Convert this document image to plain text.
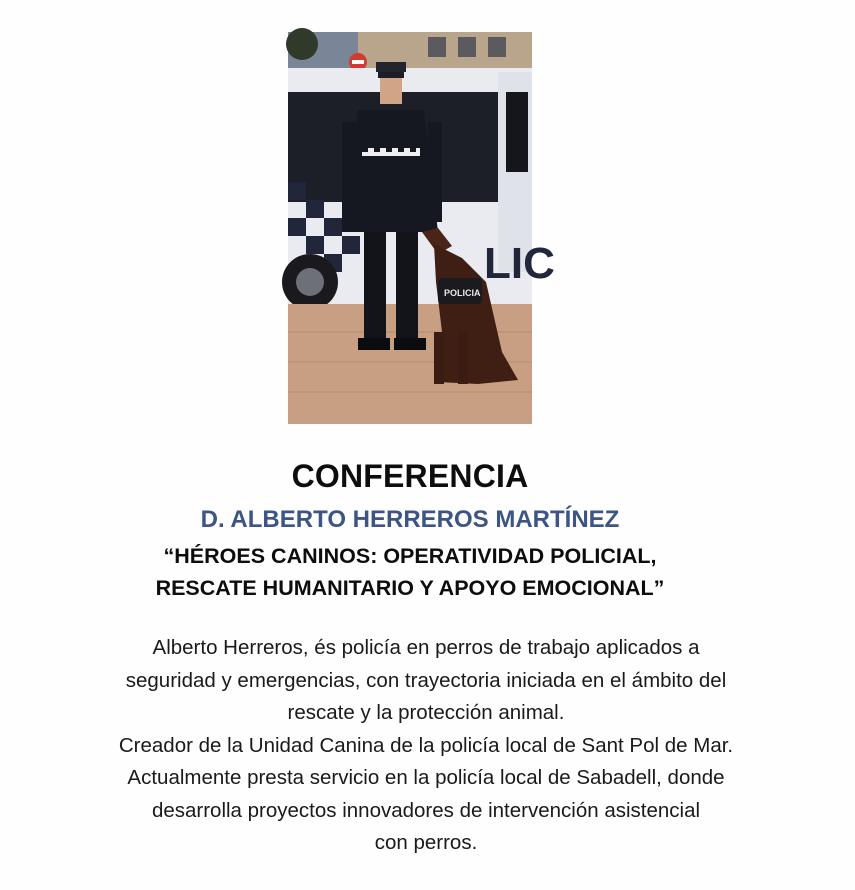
LIC
POLICIA
CONFERENCIA
D. ALBERTO HERREROS MARTÍNEZ
“HÉROES CANINOS: OPERATIVIDAD POLICIAL,
RESCATE HUMANITARIO Y APOYO EMOCIONAL”
Alberto Herreros, és policía en perros de trabajo aplicados a
seguridad y emergencias, con trayectoria iniciada en el ámbito del
rescate y la protección animal.
Creador de la Unidad Canina de la policía local de Sant Pol de Mar.
Actualmente presta servicio en la policía local de Sabadell, donde
desarrolla proyectos innovadores de intervención asistencial
con perros.
